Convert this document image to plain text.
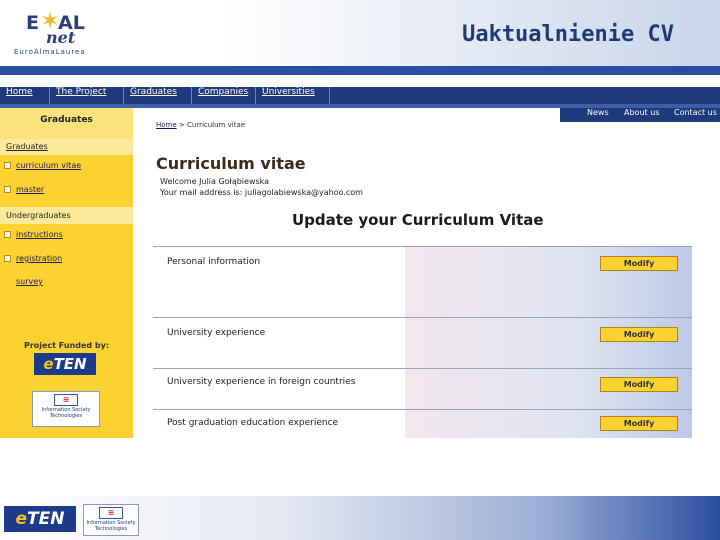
E ✶
AL
net
EuroAlmaLaurea
Uaktualnienie CV
Home	The Project	Graduates	Companies	Universities
Graduates
Graduates
curriculum vitae
master
Undergraduates
instructions
registration
survey
Project Funded by:
eTEN
≋
Information Society Technologies
News About us Contact us
Home > Curriculum vitae
Curriculum vitae
Welcome Julia Gołąbiewska
Your mail address is: juliagolabiewska@yahoo.com
Update your Curriculum Vitae
Personal information	Modify
University experience	Modify
University experience in foreign countries	Modify
Post graduation education experience	Modify
eTEN	≋
Information Society Technologies
